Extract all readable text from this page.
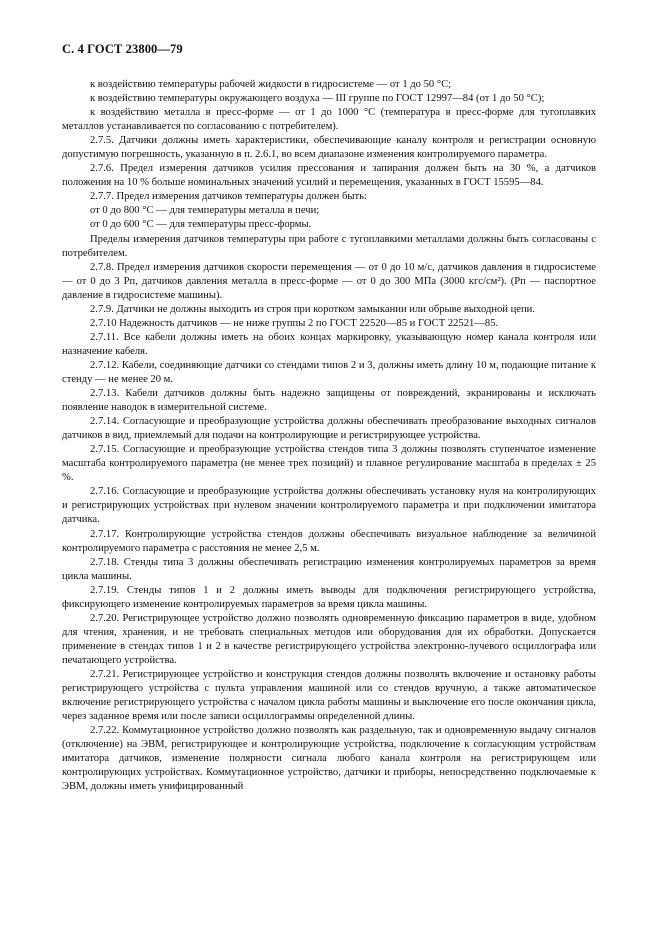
С. 4 ГОСТ 23800—79

к воздействию температуры рабочей жидкости в гидросистеме — от 1 до 50 °С;

к воздействию температуры окружающего воздуха — III группе по ГОСТ 12997—84 (от 1 до 50 °С);

к воздействию металла в пресс-форме — от 1 до 1000 °С (температура в пресс-форме для тугоплавких металлов устанавливается по согласованию с потребителем).

2.7.5. Датчики должны иметь характеристики, обеспечивающие каналу контроля и регистрации основную допустимую погрешность, указанную в п. 2.6.1, во всем диапазоне изменения контролируемого параметра.

2.7.6. Предел измерения датчиков усилия прессования и запирания должен быть на 30 %, а датчиков положения на 10 % больше номинальных значений усилий и перемещения, указанных в ГОСТ 15595—84.

2.7.7. Предел измерения датчиков температуры должен быть:

от 0 до 800 °С — для температуры металла в печи;

от 0 до 600 °С — для температуры пресс-формы.

Пределы измерения датчиков температуры при работе с тугоплавкими металлами должны быть согласованы с потребителем.

2.7.8. Предел измерения датчиков скорости перемещения — от 0 до 10 м/с, датчиков давления в гидросистеме — от 0 до 3 Pп, датчиков давления металла в пресс-форме — от 0 до 300 МПа (3000 кгс/см²). (Pп — паспортное давление в гидросистеме машины).

2.7.9. Датчики не должны выходить из строя при коротком замыкании или обрыве выходной цепи.

2.7.10 Надежность датчиков — не ниже группы 2 по ГОСТ 22520—85 и ГОСТ 22521—85.

2.7.11. Все кабели должны иметь на обоих концах маркировку, указывающую номер канала контроля или назначение кабеля.

2.7.12. Кабели, соединяющие датчики со стендами типов 2 и 3, должны иметь длину 10 м, подающие питание к стенду — не менее 20 м.

2.7.13. Кабели датчиков должны быть надежно защищены от повреждений, экранированы и исключать появление наводок в измерительной системе.

2.7.14. Согласующие и преобразующие устройства должны обеспечивать преобразование выходных сигналов датчиков в вид, приемлемый для подачи на контролирующие и регистрирующее устройства.

2.7.15. Согласующие и преобразующие устройства стендов типа 3 должны позволять ступенчатое изменение масштаба контролируемого параметра (не менее трех позиций) и плавное регулирование масштаба в пределах ± 25 %.

2.7.16. Согласующие и преобразующие устройства должны обеспечивать установку нуля на контролирующих и регистрирующих устройствах при нулевом значении контролируемого параметра и при подключении имитатора датчика.

2.7.17. Контролирующие устройства стендов должны обеспечивать визуальное наблюдение за величиной контролируемого параметра с расстояния не менее 2,5 м.

2.7.18. Стенды типа 3 должны обеспечивать регистрацию изменения контролируемых параметров за время цикла машины.

2.7.19. Стенды типов 1 и 2 должны иметь выводы для подключения регистрирующего устройства, фиксирующего изменение контролируемых параметров за время цикла машины.

2.7.20. Регистрирующее устройство должно позволять одновременную фиксацию параметров в виде, удобном для чтения, хранения, и не требовать специальных методов или оборудования для их обработки. Допускается применение в стендах типов 1 и 2 в качестве регистрирующего устройства электронно-лучевого осциллографа или печатающего устройства.

2.7.21. Регистрирующее устройство и конструкция стендов должны позволять включение и остановку работы регистрирующего устройства с пульта управления машиной или со стендов вручную, а также автоматическое включение регистрирующего устройства с началом цикла работы машины и выключение его после окончания цикла, через заданное время или после записи осциллограммы определенной длины.

2.7.22. Коммутационное устройство должно позволять как раздельную, так и одновременную выдачу сигналов (отключение) на ЭВМ, регистрирующее и контролирующие устройства, подключение к согласующим устройствам имитатора датчиков, изменение полярности сигнала любого канала контроля на регистрирующем или контролирующих устройствах. Коммутационное устройство, датчики и приборы, непосредственно подключаемые к ЭВМ, должны иметь унифицированный
